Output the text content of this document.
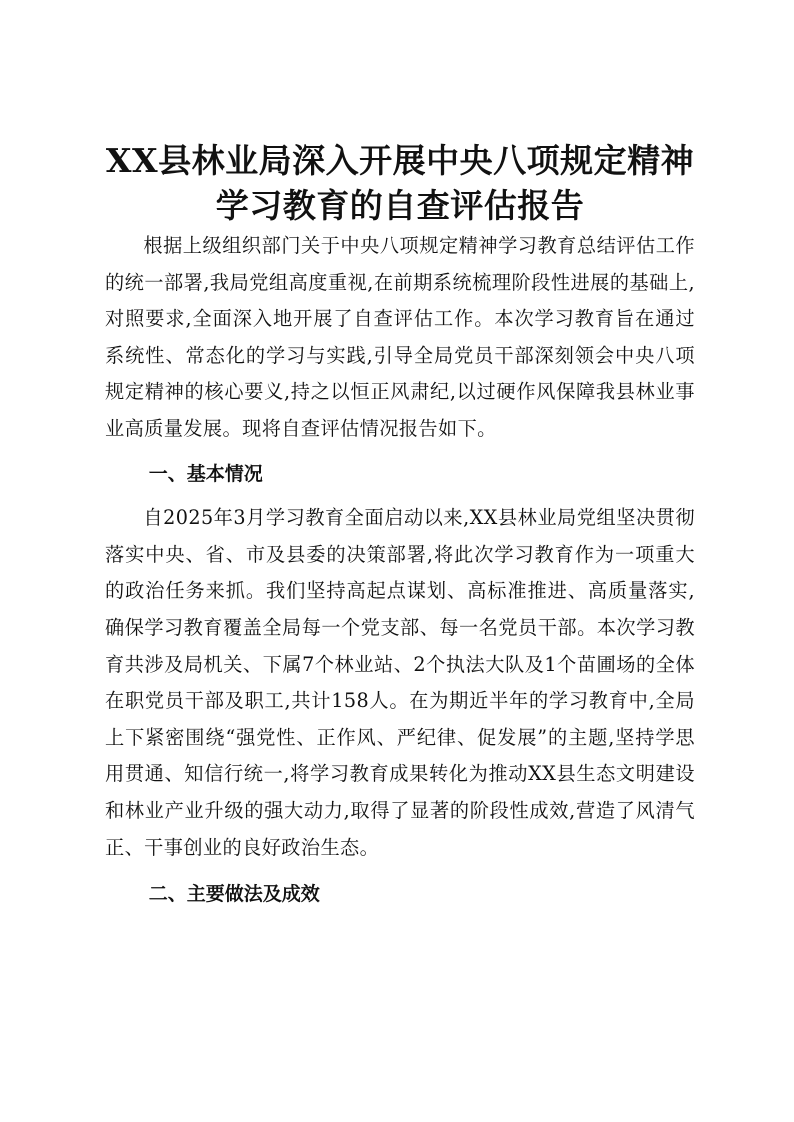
XX县林业局深入开展中央八项规定精神学习教育的自查评估报告

根据上级组织部门关于中央八项规定精神学习教育总结评估工作的统一部署,我局党组高度重视,在前期系统梳理阶段性进展的基础上,对照要求,全面深入地开展了自查评估工作。本次学习教育旨在通过系统性、常态化的学习与实践,引导全局党员干部深刻领会中央八项规定精神的核心要义,持之以恒正风肃纪,以过硬作风保障我县林业事业高质量发展。现将自查评估情况报告如下。

一、基本情况

自2025年3月学习教育全面启动以来,XX县林业局党组坚决贯彻落实中央、省、市及县委的决策部署,将此次学习教育作为一项重大的政治任务来抓。我们坚持高起点谋划、高标准推进、高质量落实,确保学习教育覆盖全局每一个党支部、每一名党员干部。本次学习教育共涉及局机关、下属7个林业站、2个执法大队及1个苗圃场的全体在职党员干部及职工,共计158人。在为期近半年的学习教育中,全局上下紧密围绕“强党性、正作风、严纪律、促发展”的主题,坚持学思用贯通、知信行统一,将学习教育成果转化为推动XX县生态文明建设和林业产业升级的强大动力,取得了显著的阶段性成效,营造了风清气正、干事创业的良好政治生态。

二、主要做法及成效
